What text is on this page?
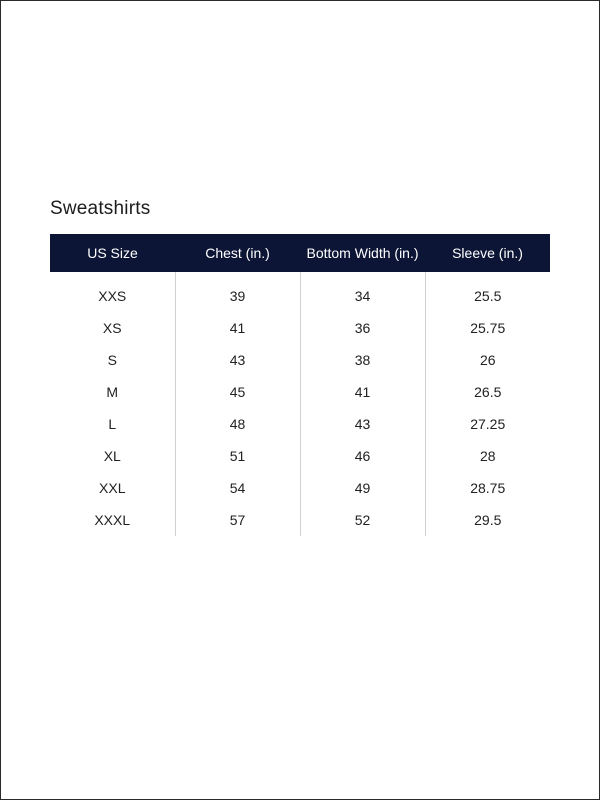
Sweatshirts
US Size	Chest (in.)	Bottom Width (in.)	Sleeve (in.)
XXS	39	34	25.5
XS	41	36	25.75
S	43	38	26
M	45	41	26.5
L	48	43	27.25
XL	51	46	28
XXL	54	49	28.75
XXXL	57	52	29.5
